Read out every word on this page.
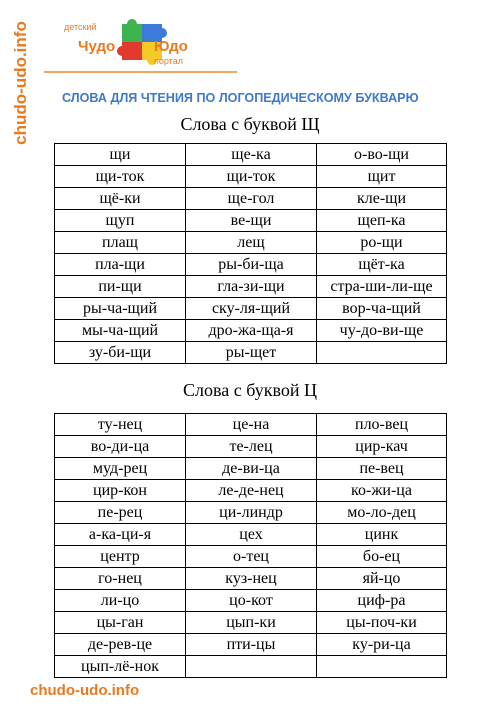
chudo-udo.info	детский
Чудо	Юдо
портал
СЛОВА ДЛЯ ЧТЕНИЯ ПО ЛОГОПЕДИЧЕСКОМУ БУКВАРЮ
Слова с буквой Щ
щи	ще-ка	о-во-щи
щи-ток	щи-ток	щит
щё-ки	ще-гол	кле-щи
щуп	ве-щи	щеп-ка
плащ	лещ	ро-щи
пла-щи	ры-би-ща	щёт-ка
пи-щи	гла-зи-щи	стра-ши-ли-ще
ры-ча-щий	ску-ля-щий	вор-ча-щий
мы-ча-щий	дро-жа-ща-я	чу-до-ви-ще
зу-би-щи	ры-щет	
Слова с буквой Ц
ту-нец	це-на	пло-вец
во-ди-ца	те-лец	цир-кач
муд-рец	де-ви-ца	пе-вец
цир-кон	ле-де-нец	ко-жи-ца
пе-рец	ци-линдр	мо-ло-дец
а-ка-ци-я	цех	цинк
центр	о-тец	бо-ец
го-нец	куз-нец	яй-цо
ли-цо	цо-кот	циф-ра
цы-ган	цып-ки	цы-поч-ки
де-рев-це	пти-цы	ку-ри-ца
цып-лё-нок		
chudo-udo.info
